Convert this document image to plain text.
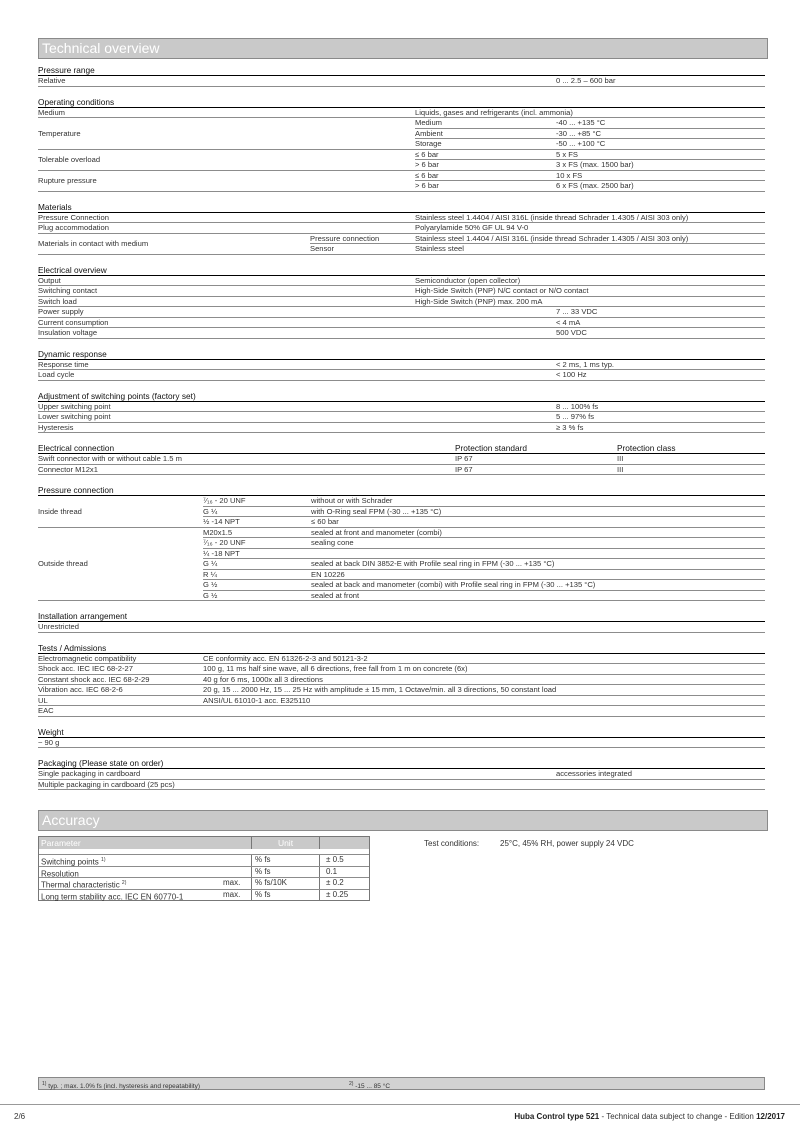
Technical overview
Pressure range
Relative	0 ... 2.5 – 600 bar
Operating conditions
Medium	Liquids, gases and refrigerants (incl. ammonia)	
Temperature	Medium	-40 ... +135 °C
	Ambient	-30 ... +85 °C
	Storage	-50 ... +100 °C
Tolerable overload	≤ 6 bar	5 x FS
	> 6 bar	3 x FS (max. 1500 bar)
Rupture pressure	≤ 6 bar	10 x FS
	> 6 bar	6 x FS (max. 2500 bar)
Materials
Pressure Connection		Stainless steel 1.4404 / AISI 316L (inside thread Schrader 1.4305 / AISI 303 only)
Plug accommodation		Polyarylamide 50% GF UL 94 V-0
Materials in contact with medium	Pressure connection	Stainless steel 1.4404 / AISI 316L (inside thread Schrader 1.4305 / AISI 303 only)
	Sensor	Stainless steel
Electrical overview
Output	Semiconductor (open collector)	
Switching contact	High-Side Switch (PNP) N/C contact or N/O contact	
Switch load	High-Side Switch (PNP) max. 200 mA	
Power supply		7 ... 33 VDC
Current consumption		< 4 mA
Insulation voltage		500 VDC
Dynamic response
Response time	< 2 ms, 1 ms typ.
Load cycle	< 100 Hz
Adjustment of switching points (factory set)
Upper switching point	8 ... 100% fs
Lower switching point	5 ... 97% fs
Hysteresis	≥ 3 % fs
Electrical connection	Protection standard	Protection class
Swift connector with or without cable 1.5 m	IP 67	III
Connector M12x1	IP 67	III
Pressure connection
Inside thread	⁷⁄₁₆ - 20 UNF	without or with Schrader
	G ¼	with O-Ring seal FPM (-30 ... +135 °C)
	½ -14 NPT	≤ 60 bar
Outside thread	M20x1.5	sealed at front and manometer (combi)
	⁷⁄₁₆ - 20 UNF	sealing cone
	¼ -18 NPT	
	G ¼	sealed at back DIN 3852-E with Profile seal ring in FPM (-30 ... +135 °C)
	R ¼	EN 10226
	G ½	sealed at back and manometer (combi) with Profile seal ring in FPM (-30 ... +135 °C)
	G ½	sealed at front
Installation arrangement
Unrestricted
Tests / Admissions
Electromagnetic compatibility	CE conformity acc. EN 61326-2-3 and 50121-3-2
Shock acc. IEC IEC 68-2-27	100 g, 11 ms half sine wave, all 6 directions, free fall from 1 m on concrete (6x)
Constant shock acc. IEC 68-2-29	40 g for 6 ms, 1000x all 3 directions
Vibration acc. IEC 68-2-6	20 g, 15 ... 2000 Hz, 15 ... 25 Hz with amplitude ± 15 mm, 1 Octave/min. all 3 directions, 50 constant load
UL	ANSI/UL 61010-1 acc. E325110
EAC	
Weight
~ 90 g
Packaging (Please state on order)
Single packaging in cardboard	accessories integrated
Multiple packaging in cardboard (25 pcs)	
Accuracy
Parameter	Unit
Switching points $^{1)}$	% fs	± 0.5
Resolution	% fs	0.1
Thermal characteristic $^{2)}$	max.	% fs/10K	± 0.2
Long term stability acc. IEC EN 60770-1	max.	% fs	± 0.25
Test conditions:	25°C, 45% RH, power supply 24 VDC
$^{1)}$ typ. ; max. 1.0% fs (incl. hysteresis and repeatability)	$^{2)}$ -15 ... 85 °C
2/6	Huba Control type 521 - Technical data subject to change - Edition 12/2017
